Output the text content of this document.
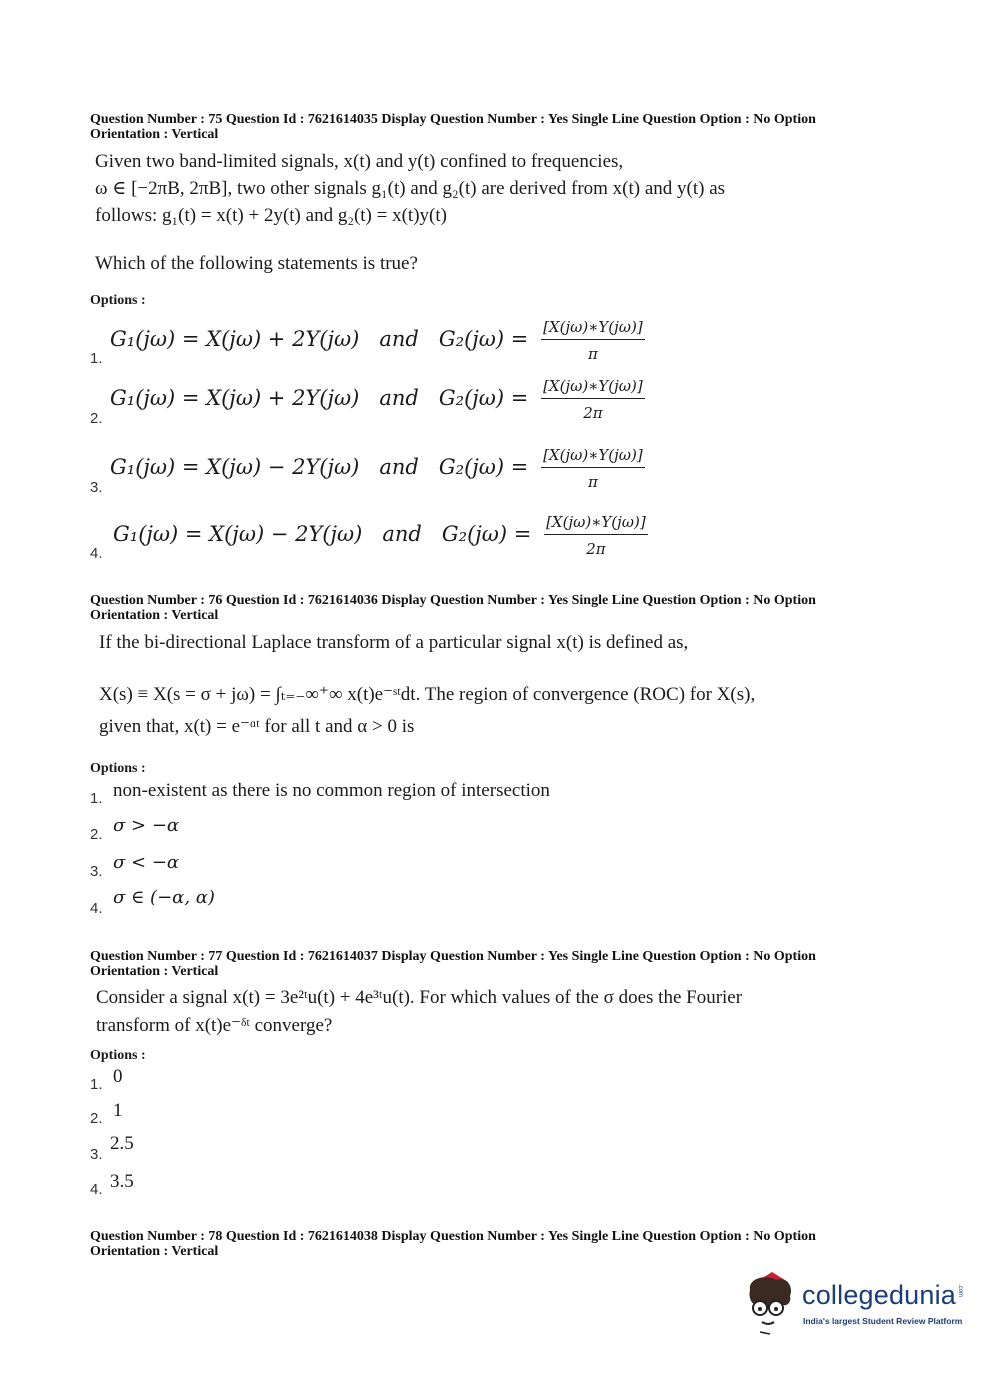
Question Number : 75 Question Id : 7621614035 Display Question Number : Yes Single Line Question Option : No Option Orientation : Vertical
Given two band-limited signals, x(t) and y(t) confined to frequencies,
ω ∈ [−2πB, 2πB], two other signals g₁(t) and g₂(t) are derived from x(t) and y(t) as
follows: g₁(t) = x(t) + 2y(t) and g₂(t) = x(t)y(t)
Which of the following statements is true?
Options :
1.
G₁(jω) = X(jω) + 2Y(jω) and $G_2(j\omega) = \frac{[X(j\omega)∗Y(j\omega)]}{\pi}$
2.
G₁(jω) = X(jω) + 2Y(jω) and $G_2(j\omega) = \frac{[X(j\omega)∗Y(j\omega)]}{2\pi}$
3.
G₁(jω) = X(jω) − 2Y(jω) and $G_2(j\omega) = \frac{[X(j\omega)∗Y(j\omega)]}{\pi}$
4.
G₁(jω) = X(jω) − 2Y(jω) and $G_2(j\omega) = \frac{[X(j\omega)∗Y(j\omega)]}{2\pi}$
Question Number : 76 Question Id : 7621614036 Display Question Number : Yes Single Line Question Option : No Option Orientation : Vertical
If the bi-directional Laplace transform of a particular signal x(t) is defined as,
X(s) ≡ X(s = σ + jω) = ∫ₜ₌₋∞⁺∞ x(t)e⁻ˢᵗdt. The region of convergence (ROC) for X(s),
given that, x(t) = e⁻ᵅᵗ for all t and α > 0 is
Options :
1. non-existent as there is no common region of intersection
2. σ > −α
3. σ < −α
4.
σ ∈ (−α, α)
Question Number : 77 Question Id : 7621614037 Display Question Number : Yes Single Line Question Option : No Option Orientation : Vertical
Consider a signal x(t) = 3e²ᵗu(t) + 4e³ᵗu(t). For which values of the σ does the Fourier
transform of x(t)e⁻ᵟᵗ converge?
Options :
1. 0
2. 1
3.
2.5
4. 3.5
Question Number : 78 Question Id : 7621614038 Display Question Number : Yes Single Line Question Option : No Option Orientation : Vertical
collegedunia .com
India's largest Student Review Platform
